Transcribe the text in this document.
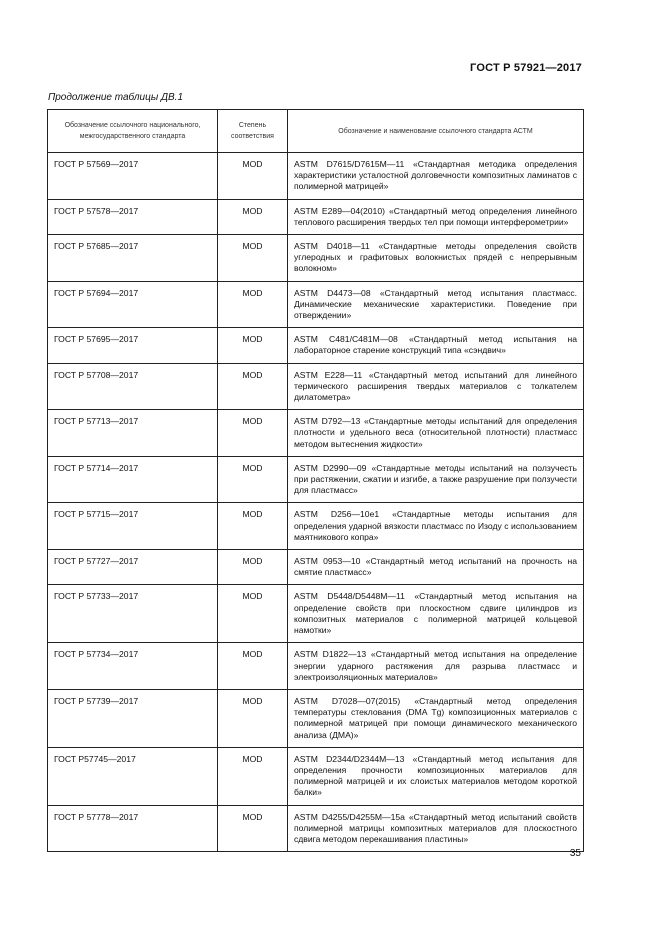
ГОСТ Р 57921—2017
Продолжение таблицы ДВ.1
Обозначение ссылочного национального, межгосударственного стандарта	Степень соответствия	Обозначение и наименование ссылочного стандарта АСТМ
ГОСТ Р 57569—2017	MOD	ASTM D7615/D7615M—11 «Стандартная методика определения характеристики усталостной долговечности композитных ламинатов с полимерной матрицей»
ГОСТ Р 57578—2017	MOD	ASTM E289—04(2010) «Стандартный метод определения линейного теплового расширения твердых тел при помощи интерферометрии»
ГОСТ Р 57685—2017	MOD	ASTM D4018—11 «Стандартные методы определения свойств углеродных и графитовых волокнистых прядей с непрерывным волокном»
ГОСТ Р 57694—2017	MOD	ASTM D4473—08 «Стандартный метод испытания пластмасс. Динамические механические характеристики. Поведение при отверждении»
ГОСТ Р 57695—2017	MOD	ASTM C481/C481M—08 «Стандартный метод испытания на лабораторное старение конструкций типа «сэндвич»
ГОСТ Р 57708—2017	MOD	ASTM E228—11 «Стандартный метод испытаний для линейного термического расширения твердых материалов с толкателем дилатометра»
ГОСТ Р 57713—2017	MOD	ASTM D792—13 «Стандартные методы испытаний для определения плотности и удельного веса (относительной плотности) пластмасс методом вытеснения жидкости»
ГОСТ Р 57714—2017	MOD	ASTM D2990—09 «Стандартные методы испытаний на ползучесть при растяжении, сжатии и изгибе, а также разрушение при ползучести для пластмасс»
ГОСТ Р 57715—2017	MOD	ASTM D256—10e1 «Стандартные методы испытания для определения ударной вязкости пластмасс по Изоду с использованием маятникового копра»
ГОСТ Р 57727—2017	MOD	ASTM 0953—10 «Стандартный метод испытаний на прочность на смятие пластмасс»
ГОСТ Р 57733—2017	MOD	ASTM D5448/D5448M—11 «Стандартный метод испытания на определение свойств при плоскостном сдвиге цилиндров из композитных материалов с полимерной матрицей кольцевой намотки»
ГОСТ Р 57734—2017	MOD	ASTM D1822—13 «Стандартный метод испытания на определение энергии ударного растяжения для разрыва пластмасс и электроизоляционных материалов»
ГОСТ Р 57739—2017	MOD	ASTM D7028—07(2015) «Стандартный метод определения температуры стеклования (DMA Tg) композиционных материалов с полимерной матрицей при помощи динамического механического анализа (ДМА)»
ГОСТ Р57745—2017	MOD	ASTM D2344/D2344M—13 «Стандартный метод испытания для определения прочности композиционных материалов для полимерной матрицей и их слоистых материалов методом короткой балки»
ГОСТ Р 57778—2017	MOD	ASTM D4255/D4255M—15a «Стандартный метод испытаний свойств полимерной матрицы композитных материалов для плоскостного сдвига методом перекашивания пластины»
35
